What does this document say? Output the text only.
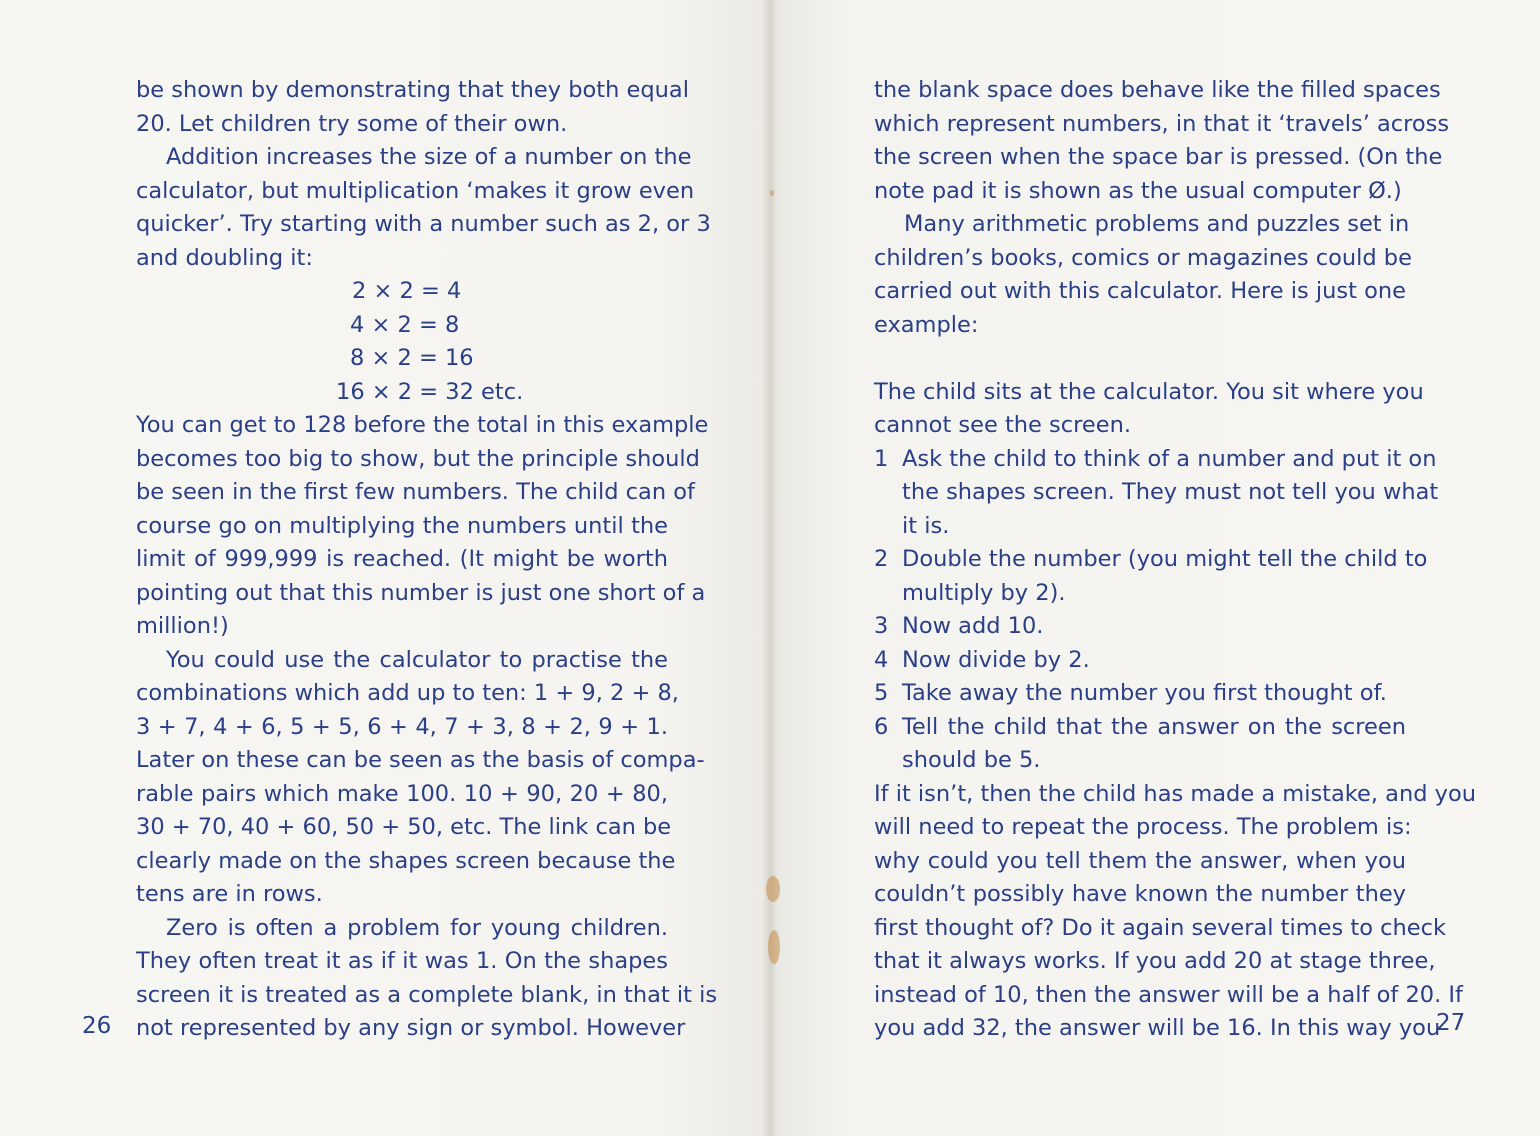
be shown by demonstrating that they both equal
20. Let children try some of their own.
Addition increases the size of a number on the
calculator, but multiplication ‘makes it grow even
quicker’. Try starting with a number such as 2, or 3
and doubling it:
2 × 2 = 4
4 × 2 = 8
8 × 2 = 16
16 × 2 = 32 etc.
You can get to 128 before the total in this example
becomes too big to show, but the principle should
be seen in the first few numbers. The child can of
course go on multiplying the numbers until the
limit of 999,999 is reached. (It might be worth
pointing out that this number is just one short of a
million!)
You could use the calculator to practise the
combinations which add up to ten: 1 + 9, 2 + 8,
3 + 7, 4 + 6, 5 + 5, 6 + 4, 7 + 3, 8 + 2, 9 + 1.
Later on these can be seen as the basis of compa-
rable pairs which make 100. 10 + 90, 20 + 80,
30 + 70, 40 + 60, 50 + 50, etc. The link can be
clearly made on the shapes screen because the
tens are in rows.
Zero is often a problem for young children.
They often treat it as if it was 1. On the shapes
screen it is treated as a complete blank, in that it is
not represented by any sign or symbol. However
26
the blank space does behave like the filled spaces
which represent numbers, in that it ‘travels’ across
the screen when the space bar is pressed. (On the
note pad it is shown as the usual computer Ø.)
Many arithmetic problems and puzzles set in
children’s books, comics or magazines could be
carried out with this calculator. Here is just one
example:
The child sits at the calculator. You sit where you
cannot see the screen.
1 Ask the child to think of a number and put it on
the shapes screen. They must not tell you what
it is.
2 Double the number (you might tell the child to
multiply by 2).
3 Now add 10.
4 Now divide by 2.
5 Take away the number you first thought of.
6 Tell the child that the answer on the screen
should be 5.
If it isn’t, then the child has made a mistake, and you
will need to repeat the process. The problem is:
why could you tell them the answer, when you
couldn’t possibly have known the number they
first thought of? Do it again several times to check
that it always works. If you add 20 at stage three,
instead of 10, then the answer will be a half of 20. If
you add 32, the answer will be 16. In this way you
27
